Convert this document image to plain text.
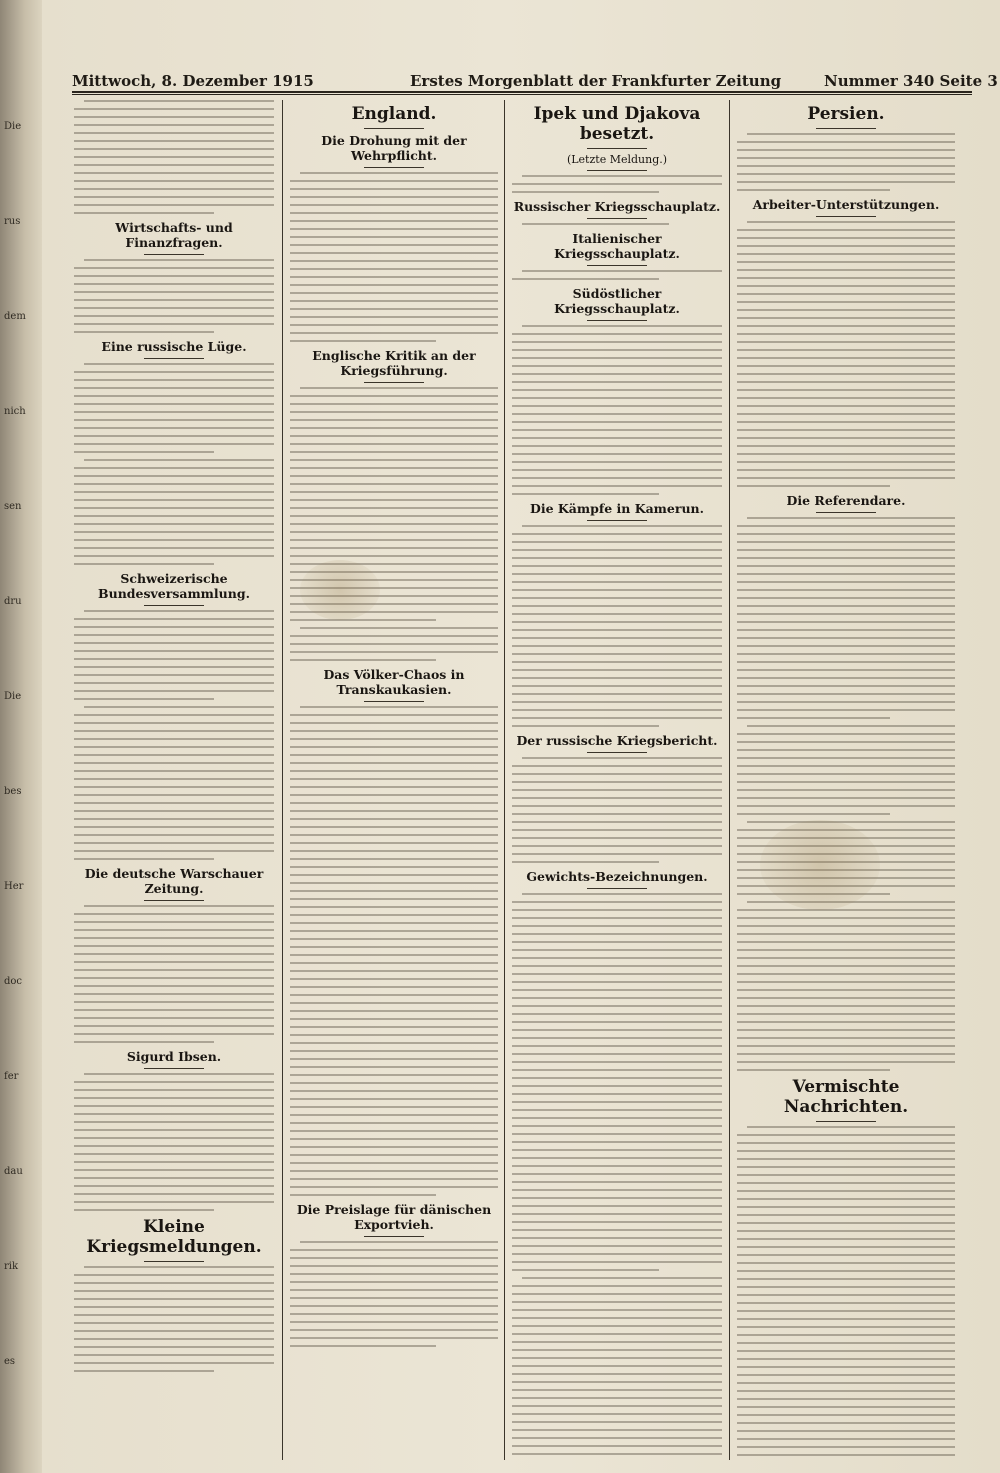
Die
rus
dem
nich
sen
dru
Die
bes
Her
doc
fer
dau
rik
es
Mittwoch, 8. Dezember 1915	Erstes Morgenblatt der Frankfurter Zeitung	Nummer 340 Seite 3
Wirtschafts- und Finanzfragen.
Eine russische Lüge.
Schweizerische Bundesversammlung.
Die deutsche Warschauer Zeitung.
Sigurd Ibsen.
Kleine Kriegsmeldungen.
England.
Die Drohung mit der Wehrpflicht.
Englische Kritik an der Kriegsführung.
Das Völker-Chaos in Transkaukasien.
Die Preislage für dänischen Exportvieh.
Ipek und Djakova besetzt.
(Letzte Meldung.)
Russischer Kriegsschauplatz.
Italienischer Kriegsschauplatz.
Südöstlicher Kriegsschauplatz.
Die Kämpfe in Kamerun.
Der russische Kriegsbericht.
Gewichts-Bezeichnungen.
Persien.
Arbeiter-Unterstützungen.
Die Referendare.
Vermischte Nachrichten.
